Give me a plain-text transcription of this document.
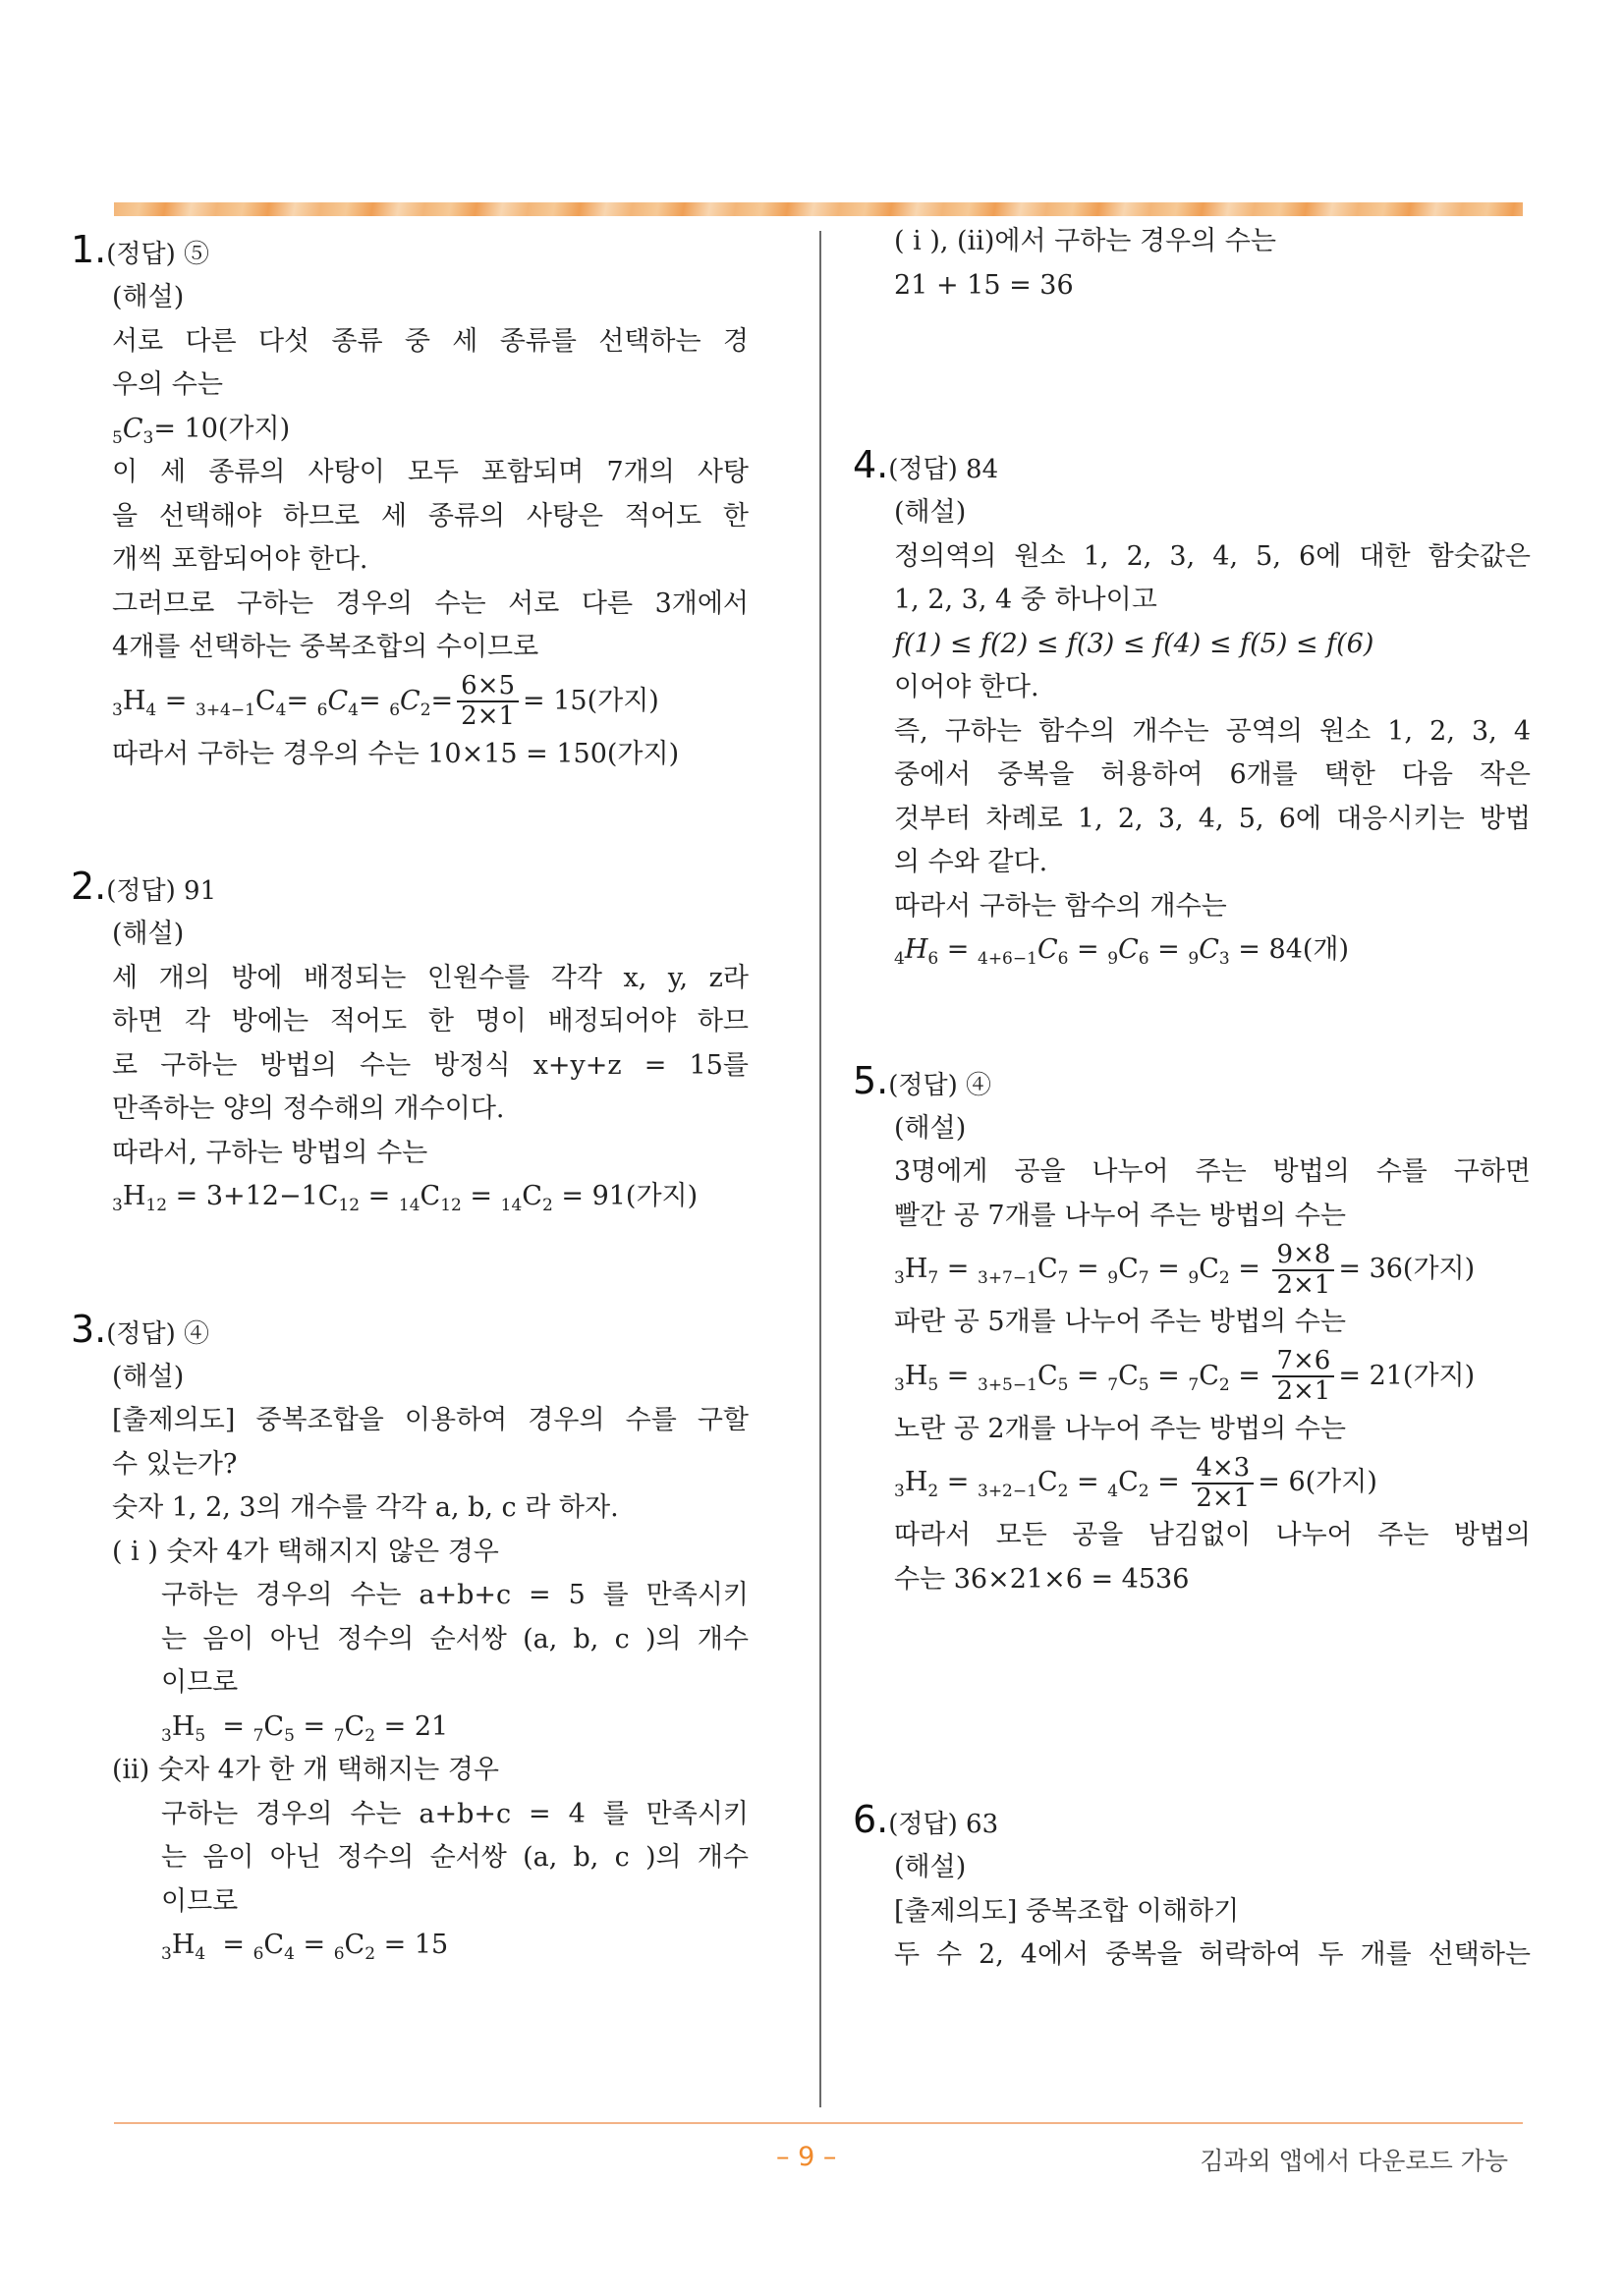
1.(정답) ⑤
(해설)
서로 다른 다섯 종류 중 세 종류를 선택하는 경
우의 수는
$_5C_3= 10$(가지)
이 세 종류의 사탕이 모두 포함되며 7개의 사탕
을 선택해야 하므로 세 종류의 사탕은 적어도 한
개씩 포함되어야 한다.
그러므로 구하는 경우의 수는 서로 다른 3개에서
4개를 선택하는 중복조합의 수이므로
$_3H_4 = _{3+4-1}C_4= _6C_4= _6C_2= \frac{6\times 5}{2\times 1} = 15$(가지)
따라서 구하는 경우의 수는 10×15 = 150(가지)
2.(정답) 91
(해설)
세 개의 방에 배정되는 인원수를 각각 x, y, z라
하면 각 방에는 적어도 한 명이 배정되어야 하므
로 구하는 방법의 수는 방정식 x+y+z = 15를
만족하는 양의 정수해의 개수이다.
따라서, 구하는 방법의 수는
$_3H_{12} = 3+12-1C_{12} = _{14}C_{12} = _{14}C_2 = 91$(가지)
3.(정답) ④
(해설)
[출제의도] 중복조합을 이용하여 경우의 수를 구할
수 있는가?
숫자 1, 2, 3의 개수를 각각 a, b, c 라 하자.
( i ) 숫자 4가 택해지지 않은 경우
구하는 경우의 수는 a+b+c = 5 를 만족시키
는 음이 아닌 정수의 순서쌍 (a, b, c )의 개수
이므로
$_3H_5 = _7C_5 = _7C_2 = 21$
(ii) 숫자 4가 한 개 택해지는 경우
구하는 경우의 수는 a+b+c = 4 를 만족시키
는 음이 아닌 정수의 순서쌍 (a, b, c )의 개수
이므로
$_3H_4 = _6C_4 = _6C_2 = 15$
( i ), (ii)에서 구하는 경우의 수는
21 + 15 = 36
4.(정답) 84
(해설)
정의역의 원소 1, 2, 3, 4, 5, 6에 대한 함숫값은
1, 2, 3, 4 중 하나이고
f(1) ≤ f(2) ≤ f(3) ≤ f(4) ≤ f(5) ≤ f(6)
이어야 한다.
즉, 구하는 함수의 개수는 공역의 원소 1, 2, 3, 4
중에서 중복을 허용하여 6개를 택한 다음 작은
것부터 차례로 1, 2, 3, 4, 5, 6에 대응시키는 방법
의 수와 같다.
따라서 구하는 함수의 개수는
$_4H_6 = _{4+6-1}C_6 = _9C_6 = _9C_3 = 84$(개)
5.(정답) ④
(해설)
3명에게 공을 나누어 주는 방법의 수를 구하면
빨간 공 7개를 나누어 주는 방법의 수는
$_3H_7 = _{3+7-1}C_7 = _9C_7 = _9C_2 = \frac{9\times 8}{2\times 1} = 36$(가지)
파란 공 5개를 나누어 주는 방법의 수는
$_3H_5 = _{3+5-1}C_5 = _7C_5 = _7C_2 = \frac{7\times 6}{2\times 1} = 21$(가지)
노란 공 2개를 나누어 주는 방법의 수는
$_3H_2 = _{3+2-1}C_2 = _4C_2 = \frac{4\times 3}{2\times 1} = 6$(가지)
따라서 모든 공을 남김없이 나누어 주는 방법의
수는 36×21×6 = 4536
6.(정답) 63
(해설)
[출제의도] 중복조합 이해하기
두 수 2, 4에서 중복을 허락하여 두 개를 선택하는
– 9 –	김과외 앱에서 다운로드 가능
